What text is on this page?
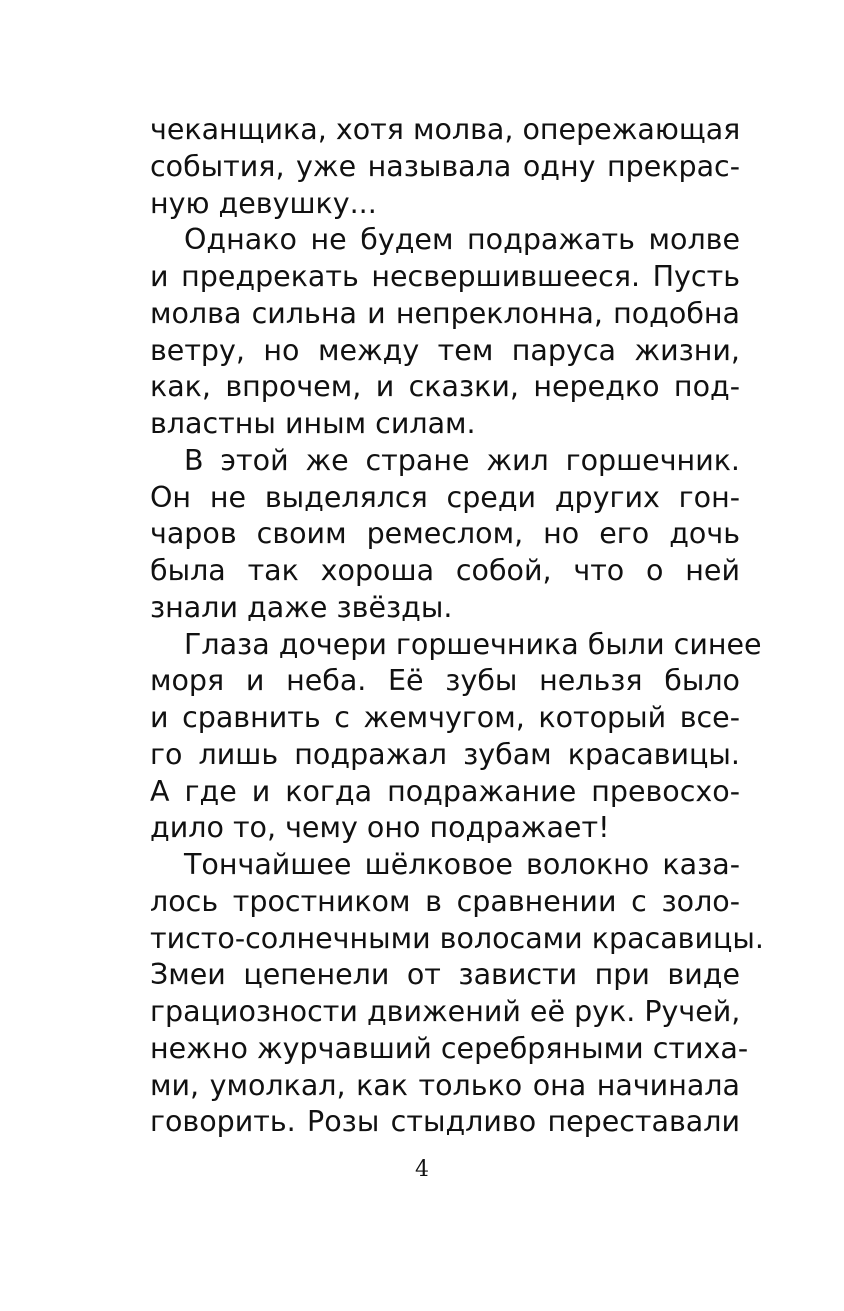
чеканщика, хотя молва, опережающая
события, уже называла одну прекрас-
ную девушку...
Однако не будем подражать молве
и предрекать несвершившееся. Пусть
молва сильна и непреклонна, подобна
ветру, но между тем паруса жизни,
как, впрочем, и сказки, нередко под-
властны иным силам.
В этой же стране жил горшечник.
Он не выделялся среди других гон-
чаров своим ремеслом, но его дочь
была так хороша собой, что о ней
знали даже звёзды.
Глаза дочери горшечника были синее
моря и неба. Её зубы нельзя было
и сравнить с жемчугом, который все-
го лишь подражал зубам красавицы.
А где и когда подражание превосхо-
дило то, чему оно подражает!
Тончайшее шёлковое волокно каза-
лось тростником в сравнении с золо-
тисто-солнечными волосами красавицы.
Змеи цепенели от зависти при виде
грациозности движений её рук. Ручей,
нежно журчавший серебряными стиха-
ми, умолкал, как только она начинала
говорить. Розы стыдливо переставали
4
